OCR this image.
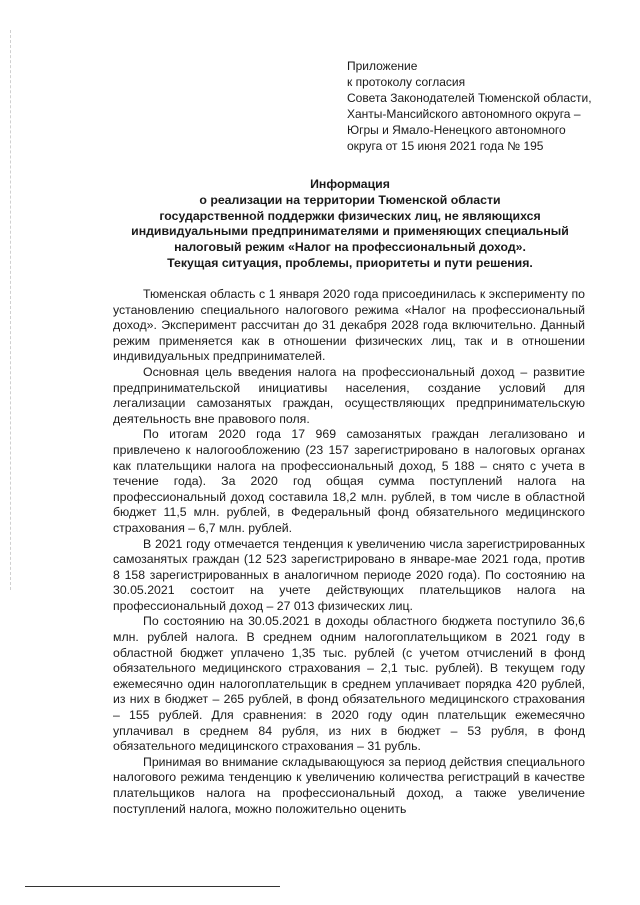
Приложение
к протоколу согласия
Совета Законодателей Тюменской области,
Ханты-Мансийского автономного округа –
Югры и Ямало-Ненецкого автономного
округа от 15 июня 2021 года № 195
Информация
о реализации на территории Тюменской области
государственной поддержки физических лиц, не являющихся
индивидуальными предпринимателями и применяющих специальный
налоговый режим «Налог на профессиональный доход».
Текущая ситуация, проблемы, приоритеты и пути решения.

Тюменская область с 1 января 2020 года присоединилась к эксперименту по установлению специального налогового режима «Налог на профессиональный доход». Эксперимент рассчитан до 31 декабря 2028 года включительно. Данный режим применяется как в отношении физических лиц, так и в отношении индивидуальных предпринимателей.

Основная цель введения налога на профессиональный доход – развитие предпринимательской инициативы населения, создание условий для легализации самозанятых граждан, осуществляющих предпринимательскую деятельность вне правового поля.

По итогам 2020 года 17 969 самозанятых граждан легализовано и привлечено к налогообложению (23 157 зарегистрировано в налоговых органах как плательщики налога на профессиональный доход, 5 188 – снято с учета в течение года). За 2020 год общая сумма поступлений налога на профессиональный доход составила 18,2 млн. рублей, в том числе в областной бюджет 11,5 млн. рублей, в Федеральный фонд обязательного медицинского страхования – 6,7 млн. рублей.

В 2021 году отмечается тенденция к увеличению числа зарегистрированных самозанятых граждан (12 523 зарегистрировано в январе-мае 2021 года, против 8 158 зарегистрированных в аналогичном периоде 2020 года). По состоянию на 30.05.2021 состоит на учете действующих плательщиков налога на профессиональный доход – 27 013 физических лиц.

По состоянию на 30.05.2021 в доходы областного бюджета поступило 36,6 млн. рублей налога. В среднем одним налогоплательщиком в 2021 году в областной бюджет уплачено 1,35 тыс. рублей (с учетом отчислений в фонд обязательного медицинского страхования – 2,1 тыс. рублей). В текущем году ежемесячно один налогоплательщик в среднем уплачивает порядка 420 рублей, из них в бюджет – 265 рублей, в фонд обязательного медицинского страхования – 155 рублей. Для сравнения: в 2020 году один плательщик ежемесячно уплачивал в среднем 84 рубля, из них в бюджет – 53 рубля, в фонд обязательного медицинского страхования – 31 рубль.

Принимая во внимание складывающуюся за период действия специального налогового режима тенденцию к увеличению количества регистраций в качестве плательщиков налога на профессиональный доход, а также увеличение поступлений налога, можно положительно оценить
